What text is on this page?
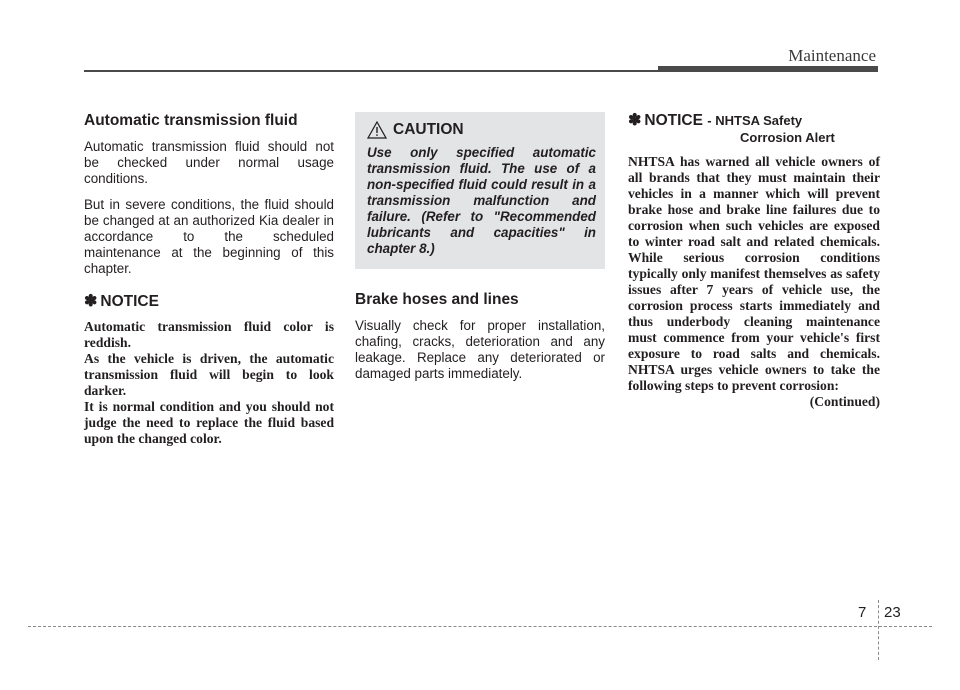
Maintenance
Automatic transmission fluid

Automatic transmission fluid should not be checked under normal usage conditions.

But in severe conditions, the fluid should be changed at an authorized Kia dealer in accordance to the scheduled maintenance at the beginning of this chapter.

✽ NOTICE
Automatic transmission fluid color is reddish.
As the vehicle is driven, the automatic transmission fluid will begin to look darker.
It is normal condition and you should not judge the need to replace the fluid based upon the changed color.
CAUTION
Use only specified automatic transmission fluid. The use of a non-specified fluid could result in a transmission malfunction and failure. (Refer to "Recommended lubricants and capacities" in chapter 8.)
Brake hoses and lines

Visually check for proper installation, chafing, cracks, deterioration and any leakage. Replace any deteriorated or damaged parts immediately.

✽ NOTICE - NHTSA Safety
Corrosion Alert
NHTSA has warned all vehicle owners of all brands that they must maintain their vehicles in a manner which will prevent brake hose and brake line failures due to corrosion when such vehicles are exposed to winter road salt and related chemicals. While serious corrosion conditions typically only manifest themselves as safety issues after 7 years of vehicle use, the corrosion process starts immediately and thus underbody cleaning maintenance must commence from your vehicle's first exposure to road salts and chemicals. NHTSA urges vehicle owners to take the following steps to prevent corrosion:
(Continued)
7 23
